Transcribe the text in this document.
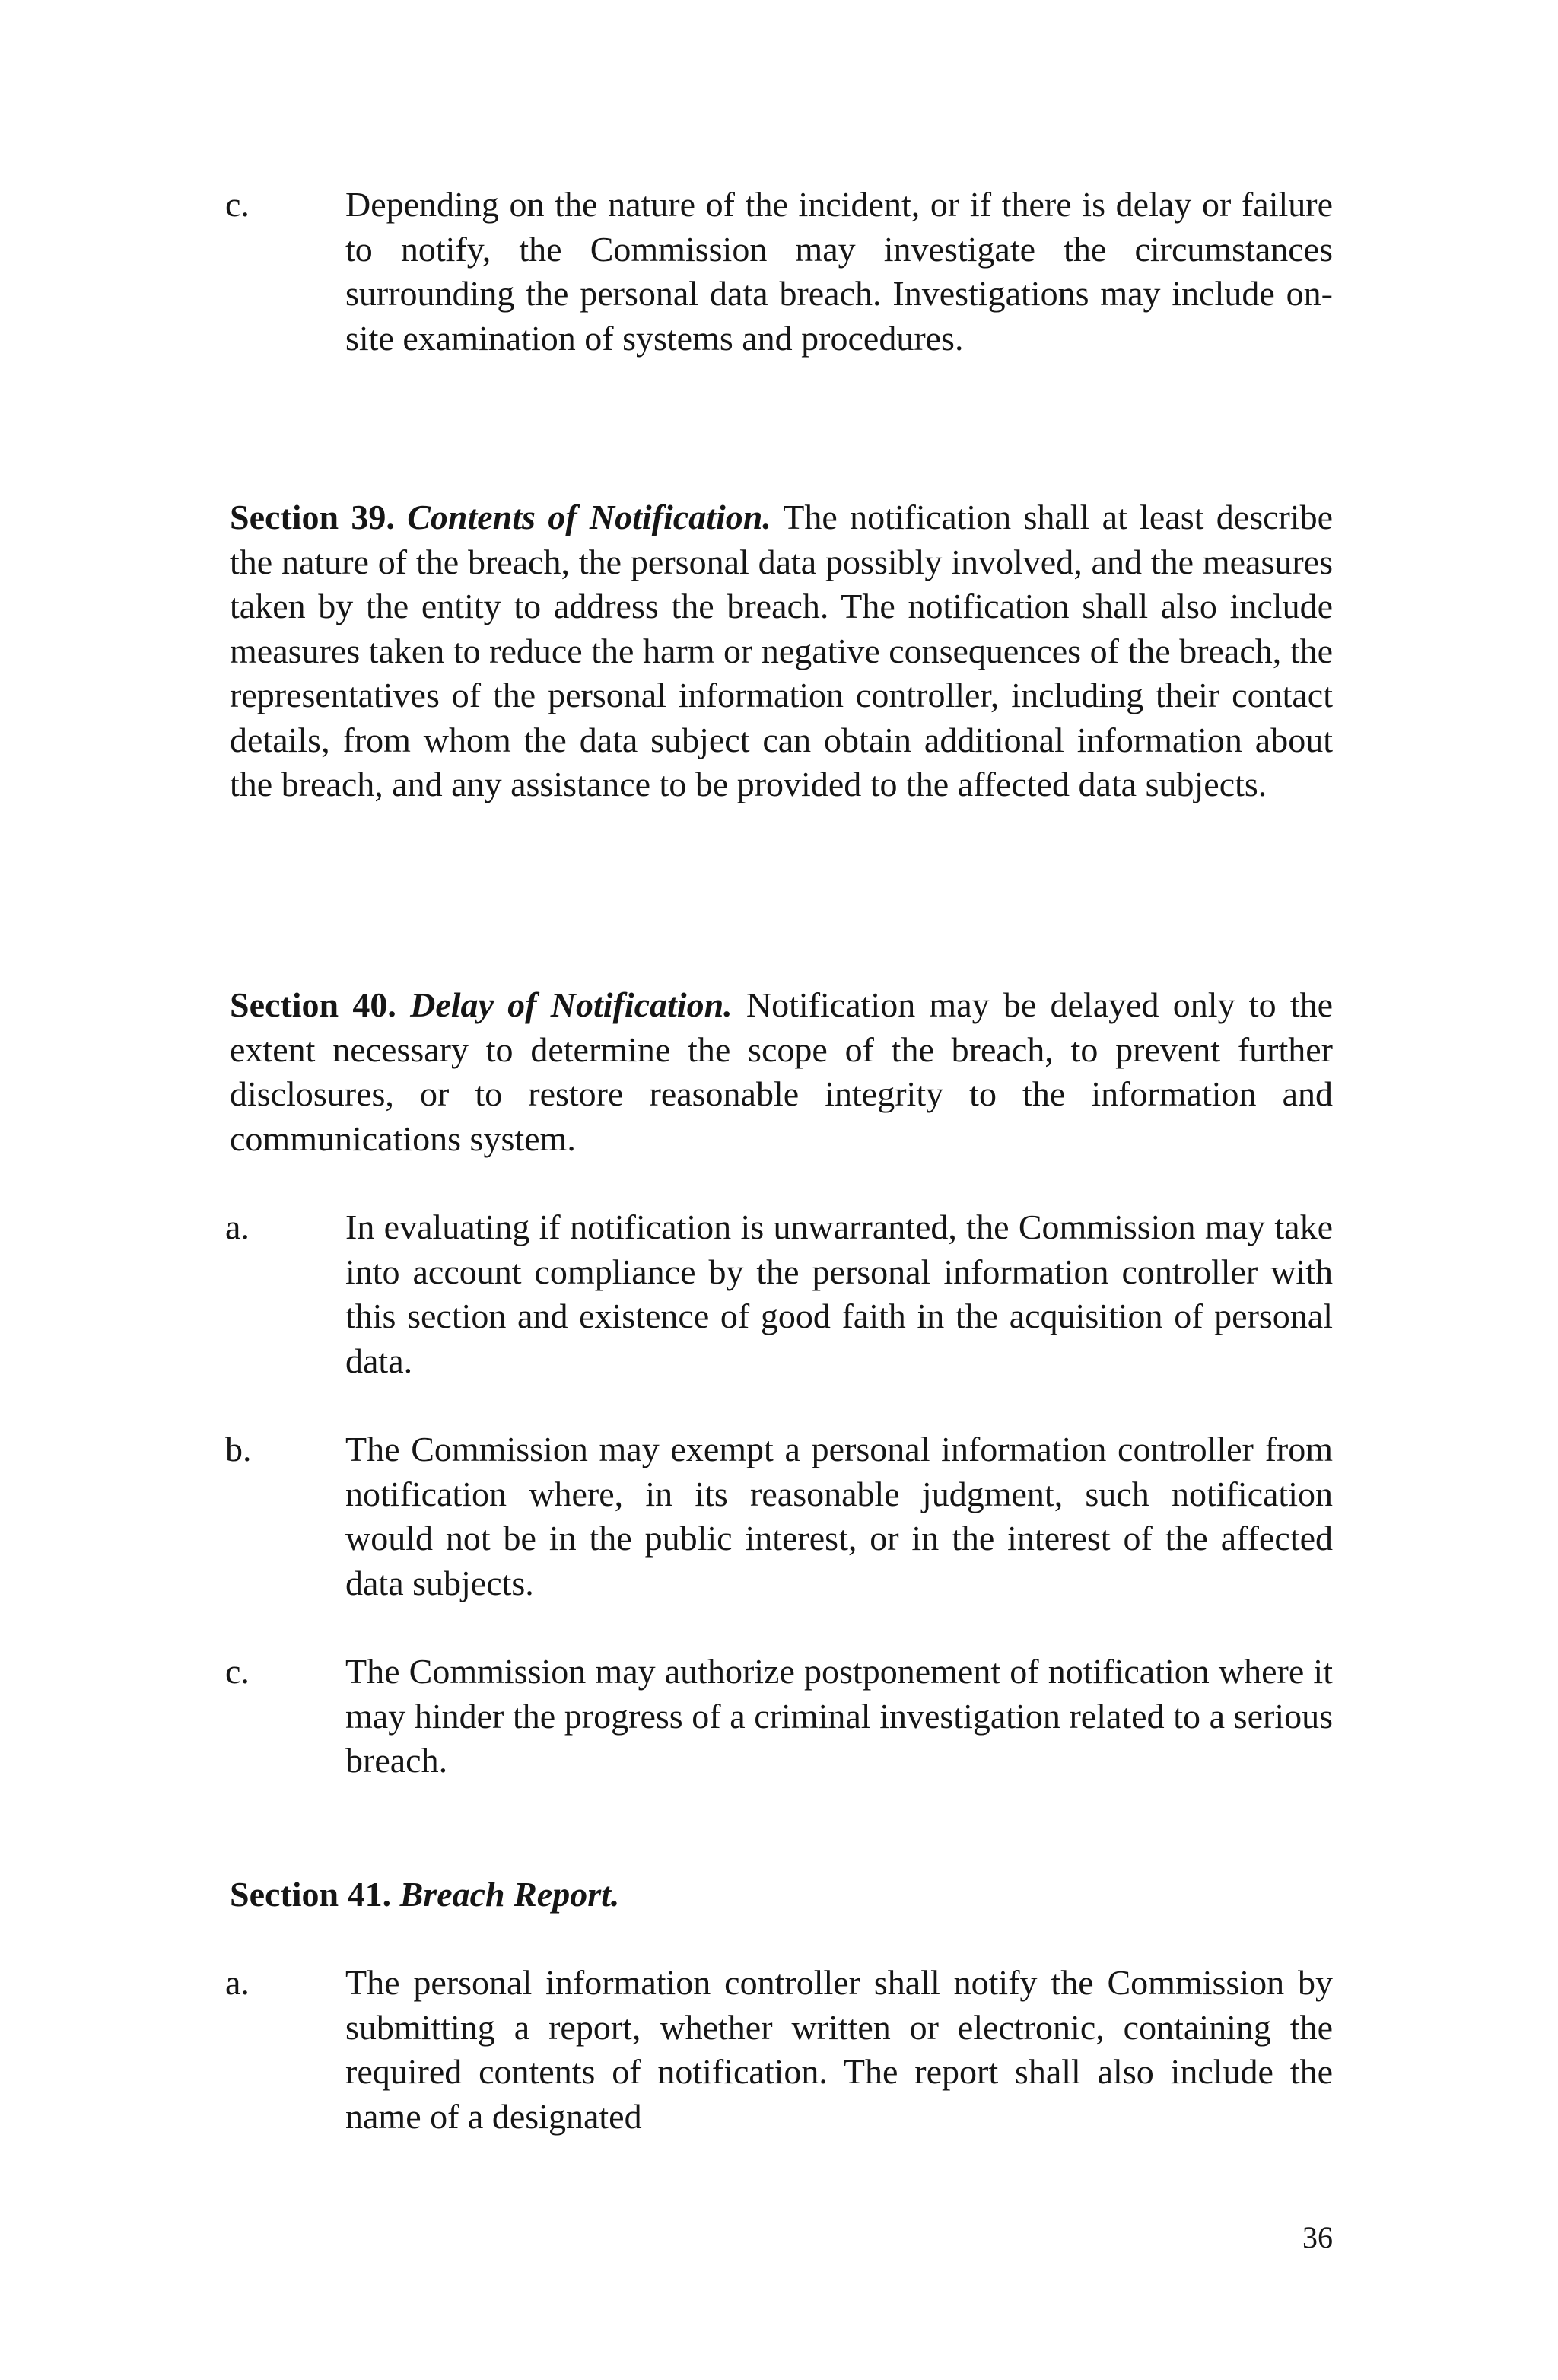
c.	Depending on the nature of the incident, or if there is delay or failure to notify, the Commission may investigate the circumstances surrounding the personal data breach. Investigations may include on-site examination of systems and procedures.

Section 39. Contents of Notification. The notification shall at least describe the nature of the breach, the personal data possibly involved, and the measures taken by the entity to address the breach. The notification shall also include measures taken to reduce the harm or negative consequences of the breach, the representatives of the personal information controller, including their contact details, from whom the data subject can obtain additional information about the breach, and any assistance to be provided to the affected data subjects.

Section 40. Delay of Notification. Notification may be delayed only to the extent necessary to determine the scope of the breach, to prevent further disclosures, or to restore reasonable integrity to the information and communications system.

a.	In evaluating if notification is unwarranted, the Commission may take into account compliance by the personal information controller with this section and existence of good faith in the acquisition of personal data.
b.	The Commission may exempt a personal information controller from notification where, in its reasonable judgment, such notification would not be in the public interest, or in the interest of the affected data subjects.
c.	The Commission may authorize postponement of notification where it may hinder the progress of a criminal investigation related to a serious breach.

Section 41. Breach Report.

a.	The personal information controller shall notify the Commission by submitting a report, whether written or electronic, containing the required contents of notification. The report shall also include the name of a designated
36
